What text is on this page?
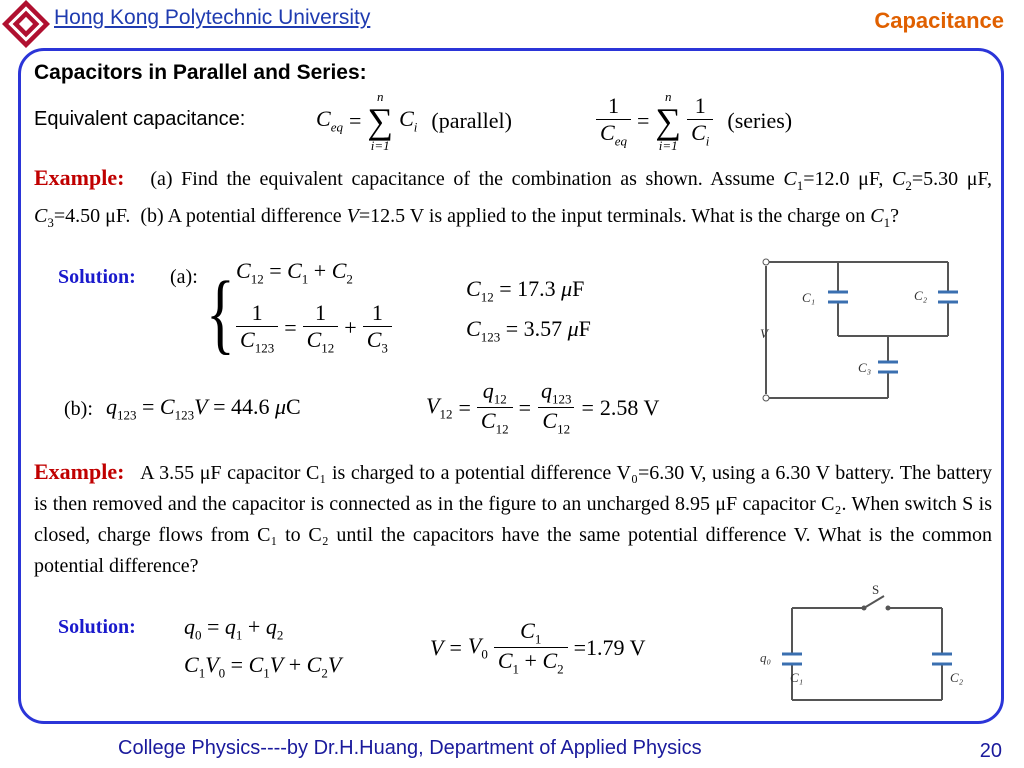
Hong Kong Polytechnic University	Capacitance
Capacitors in Parallel and Series:
Equivalent capacitance:	$C_{eq}$ =
n
∑
i=1
$C_i$ (parallel)	$\frac{1}{C_{eq}}$ =
n
∑
$i=1 \frac{1}{C_i}$ (series)
Example: (a) Find the equivalent capacitance of the combination as shown. Assume $C_1=12.0$ μF, $C_2=5.30$ μF, $C_3=4.50$ μF.  (b) A potential difference V=12.5 V is applied to the input terminals. What is the charge on $C_1$?
Solution: (a): { $C_{12} = C_1 + C_2$
$\frac{1}{C_{123}} = \frac{1}{C_{12}} + \frac{1}{C_3}$
$C_{12} = 17.3$ μF
$C_{123} = 3.57$ μF
(b): $q_{123} = C_{123}V = 44.6$ μC	$V_{12} = \frac{q_{12}}{C_{12}} = \frac{q_{123}}{C_{12}} = 2.58$ V
C₁	C₂
C₃
V
Example: A 3.55 μF capacitor C₁ is charged to a potential difference V₀=6.30 V, using a 6.30 V battery. The battery is then removed and the capacitor is connected as in the figure to an uncharged 8.95 μF capacitor C₂. When switch S is closed, charge flows from C₁ to C₂ until the capacitors have the same potential difference V. What is the common potential difference?
Solution: $q_0 = q_1 + q_2$
$C_1V_0 = C_1V + C_2V$
$V = V_0 \frac{C_1}{C_1 + C_2} =1.79$ V
S
q₀
C₁	C₂
College Physics----by Dr.H.Huang, Department of Applied Physics	20
